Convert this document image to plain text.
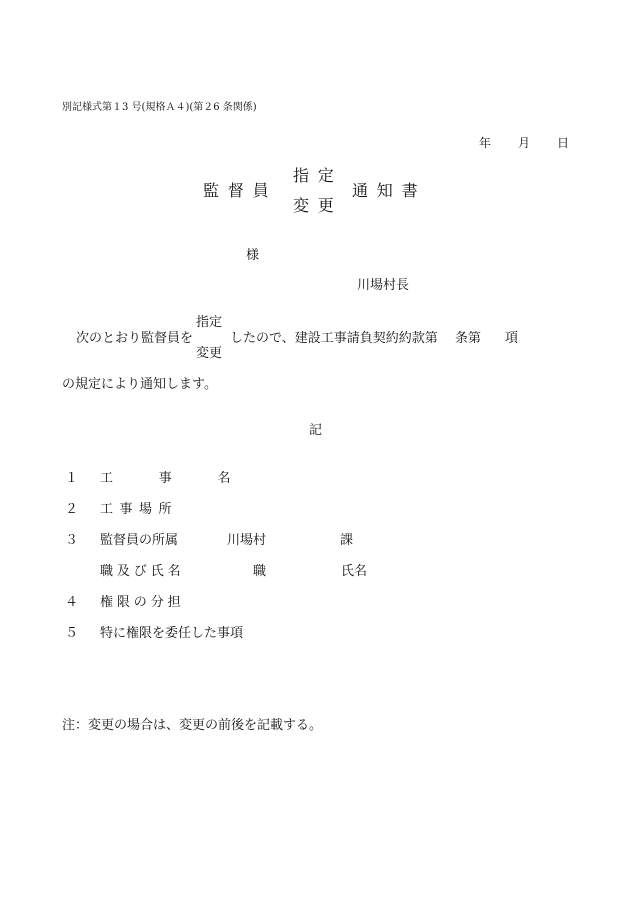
別記様式第１3 号(規格Ａ４)(第２6 条関係)
年 月 日
監督員
指定
変更
通知書
様
川場村長
指定
次のとおり監督員を	したので、建設工事請負契約約款第 条第 項
変更
の規定により通知します。
記
１ 工 事 名
２ 工事場所
３ 監督員の所属	川場村	課
職及び氏名	職	氏名
４ 権限の分担
５ 特に権限を委任した事項
注：変更の場合は、変更の前後を記載する。
